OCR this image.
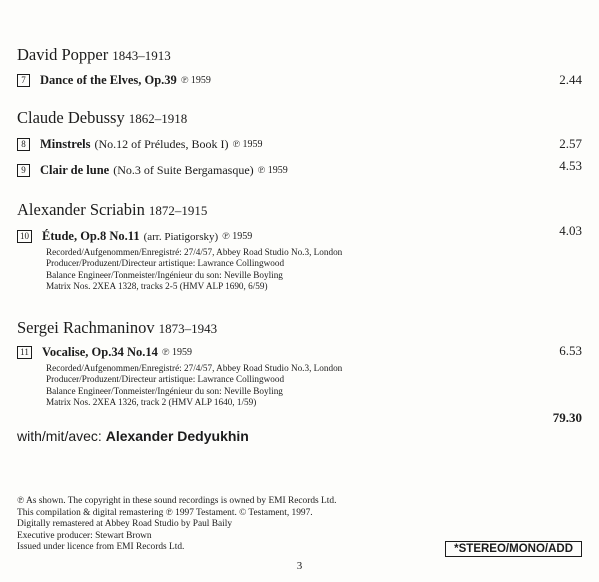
David Popper 1843–1913
7	Dance of the Elves, Op.39 ℗ 1959	2.44
Claude Debussy 1862–1918
8	Minstrels (No.12 of Préludes, Book I) ℗ 1959	2.57
9	Clair de lune (No.3 of Suite Bergamasque) ℗ 1959	4.53
Alexander Scriabin 1872–1915
10 Étude, Op.8 No.11 (arr. Piatigorsky) ℗ 1959	4.03
Recorded/Aufgenommen/Enregistré: 27/4/57, Abbey Road Studio No.3, London
Producer/Produzent/Directeur artistique: Lawrance Collingwood
Balance Engineer/Tonmeister/Ingénieur du son: Neville Boyling
Matrix Nos. 2XEA 1328, tracks 2-5 (HMV ALP 1690, 6/59)
Sergei Rachmaninov 1873–1943
11 Vocalise, Op.34 No.14 ℗ 1959	6.53
Recorded/Aufgenommen/Enregistré: 27/4/57, Abbey Road Studio No.3, London
Producer/Produzent/Directeur artistique: Lawrance Collingwood
Balance Engineer/Tonmeister/Ingénieur du son: Neville Boyling
Matrix Nos. 2XEA 1326, track 2 (HMV ALP 1640, 1/59)
79.30
with/mit/avec: Alexander Dedyukhin
℗ As shown. The copyright in these sound recordings is owned by EMI Records Ltd.
This compilation & digital remastering ℗ 1997 Testament. © Testament, 1997.
Digitally remastered at Abbey Road Studio by Paul Baily
Executive producer: Stewart Brown
Issued under licence from EMI Records Ltd.	*STEREO/MONO/ADD
3
